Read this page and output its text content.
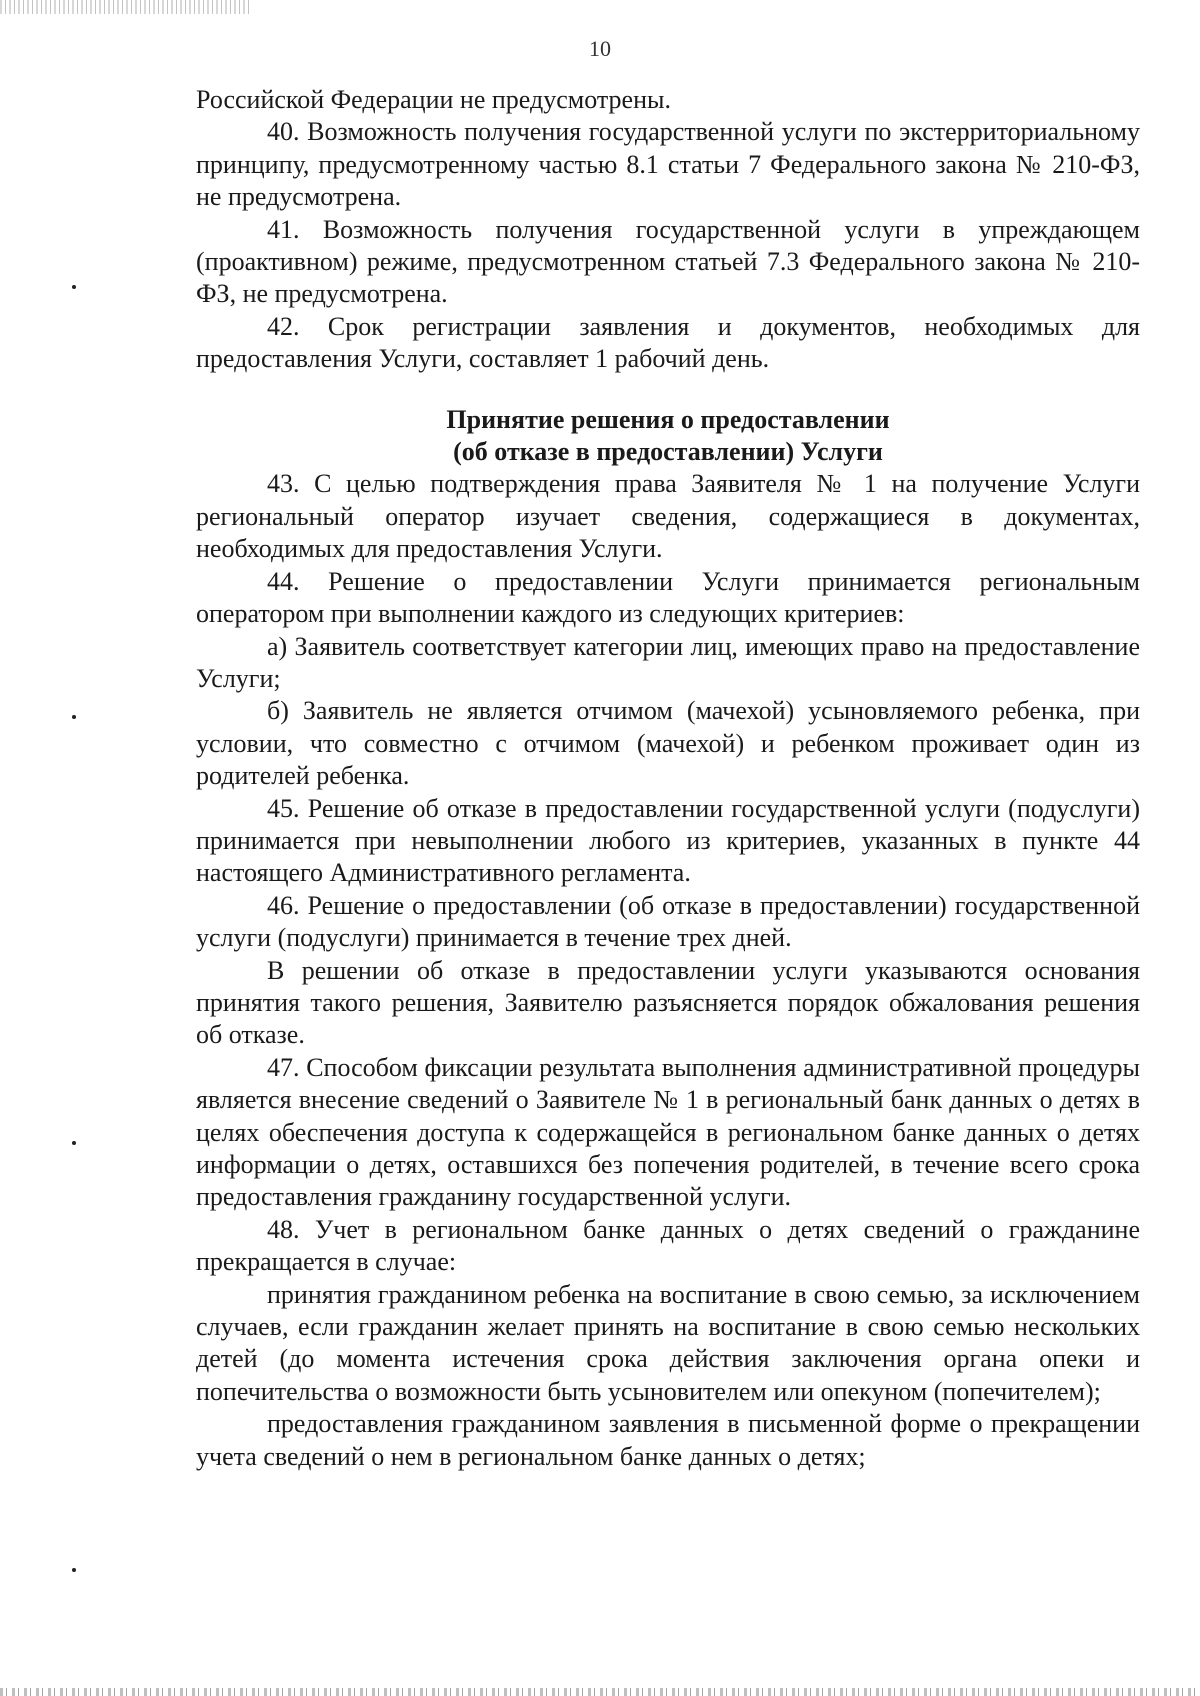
10

Российской Федерации не предусмотрены.

40. Возможность получения государственной услуги по экстерриториальному принципу, предусмотренному частью 8.1 статьи 7 Федерального закона № 210-ФЗ, не предусмотрена.

41. Возможность получения государственной услуги в упреждающем (проактивном) режиме, предусмотренном статьей 7.3 Федерального закона № 210-ФЗ, не предусмотрена.

42. Срок регистрации заявления и документов, необходимых для предоставления Услуги, составляет 1 рабочий день.

Принятие решения о предоставлении
(об отказе в предоставлении) Услуги

43. С целью подтверждения права Заявителя № 1 на получение Услуги региональный оператор изучает сведения, содержащиеся в документах, необходимых для предоставления Услуги.

44. Решение о предоставлении Услуги принимается региональным оператором при выполнении каждого из следующих критериев:

а) Заявитель соответствует категории лиц, имеющих право на предоставление Услуги;

б) Заявитель не является отчимом (мачехой) усыновляемого ребенка, при условии, что совместно с отчимом (мачехой) и ребенком проживает один из родителей ребенка.

45. Решение об отказе в предоставлении государственной услуги (подуслуги) принимается при невыполнении любого из критериев, указанных в пункте 44 настоящего Административного регламента.

46. Решение о предоставлении (об отказе в предоставлении) государственной услуги (подуслуги) принимается в течение трех дней.

В решении об отказе в предоставлении услуги указываются основания принятия такого решения, Заявителю разъясняется порядок обжалования решения об отказе.

47. Способом фиксации результата выполнения административной процедуры является внесение сведений о Заявителе № 1 в региональный банк данных о детях в целях обеспечения доступа к содержащейся в региональном банке данных о детях информации о детях, оставшихся без попечения родителей, в течение всего срока предоставления гражданину государственной услуги.

48. Учет в региональном банке данных о детях сведений о гражданине прекращается в случае:

принятия гражданином ребенка на воспитание в свою семью, за исключением случаев, если гражданин желает принять на воспитание в свою семью нескольких детей (до момента истечения срока действия заключения органа опеки и попечительства о возможности быть усыновителем или опекуном (попечителем);

предоставления гражданином заявления в письменной форме о прекращении учета сведений о нем в региональном банке данных о детях;
